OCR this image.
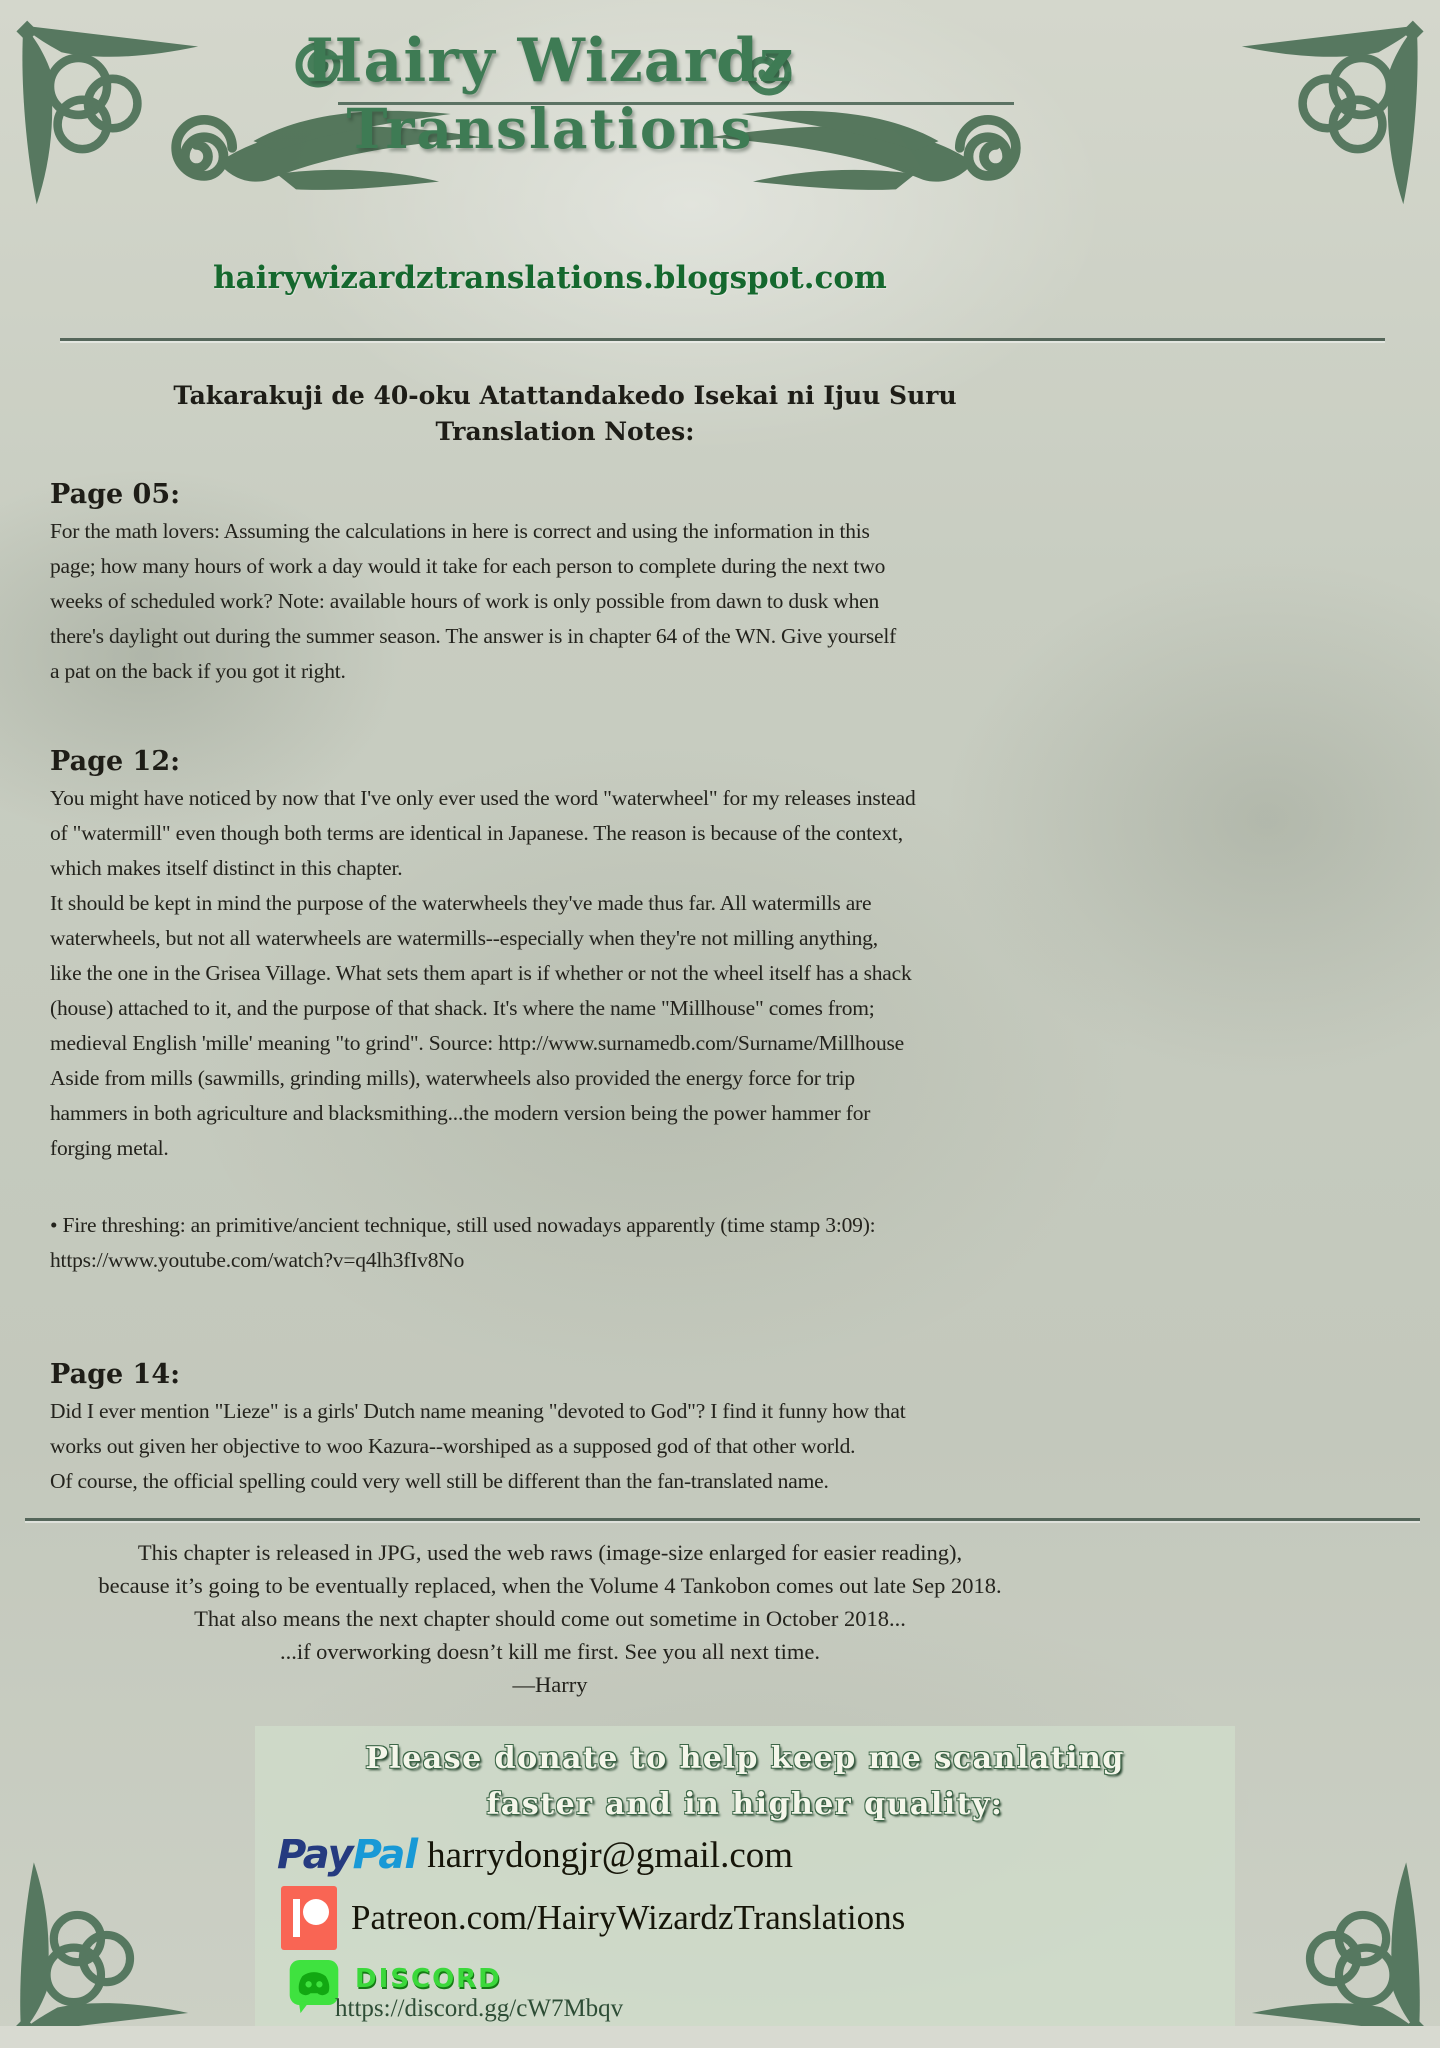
Hairy Wizardz
Translations
hairywizardztranslations.blogspot.com
Takarakuji de 40-oku Atattandakedo Isekai ni Ijuu Suru
Translation Notes:
Page 05:
For the math lovers: Assuming the calculations in here is correct and using the information in this
page; how many hours of work a day would it take for each person to complete during the next two
weeks of scheduled work? Note: available hours of work is only possible from dawn to dusk when
there's daylight out during the summer season. The answer is in chapter 64 of the WN. Give yourself
a pat on the back if you got it right.
Page 12:
You might have noticed by now that I've only ever used the word "waterwheel" for my releases instead
of "watermill" even though both terms are identical in Japanese. The reason is because of the context,
which makes itself distinct in this chapter.
It should be kept in mind the purpose of the waterwheels they've made thus far. All watermills are
waterwheels, but not all waterwheels are watermills--especially when they're not milling anything,
like the one in the Grisea Village. What sets them apart is if whether or not the wheel itself has a shack
(house) attached to it, and the purpose of that shack. It's where the name "Millhouse" comes from;
medieval English 'mille' meaning "to grind". Source: http://www.surnamedb.com/Surname/Millhouse
Aside from mills (sawmills, grinding mills), waterwheels also provided the energy force for trip
hammers in both agriculture and blacksmithing...the modern version being the power hammer for
forging metal.
• Fire threshing: an primitive/ancient technique, still used nowadays apparently (time stamp 3:09):
https://www.youtube.com/watch?v=q4lh3fIv8No
Page 14:
Did I ever mention "Lieze" is a girls' Dutch name meaning "devoted to God"? I find it funny how that
works out given her objective to woo Kazura--worshiped as a supposed god of that other world.
Of course, the official spelling could very well still be different than the fan-translated name.
This chapter is released in JPG, used the web raws (image-size enlarged for easier reading),
because it’s going to be eventually replaced, when the Volume 4 Tankobon comes out late Sep 2018.
That also means the next chapter should come out sometime in October 2018...
...if overworking doesn’t kill me first. See you all next time.
—Harry
Please donate to help keep me scanlating
faster and in higher quality:
PayPal harrydongjr@gmail.com
Patreon.com/HairyWizardzTranslations
DISCORD
https://discord.gg/cW7Mbqv
